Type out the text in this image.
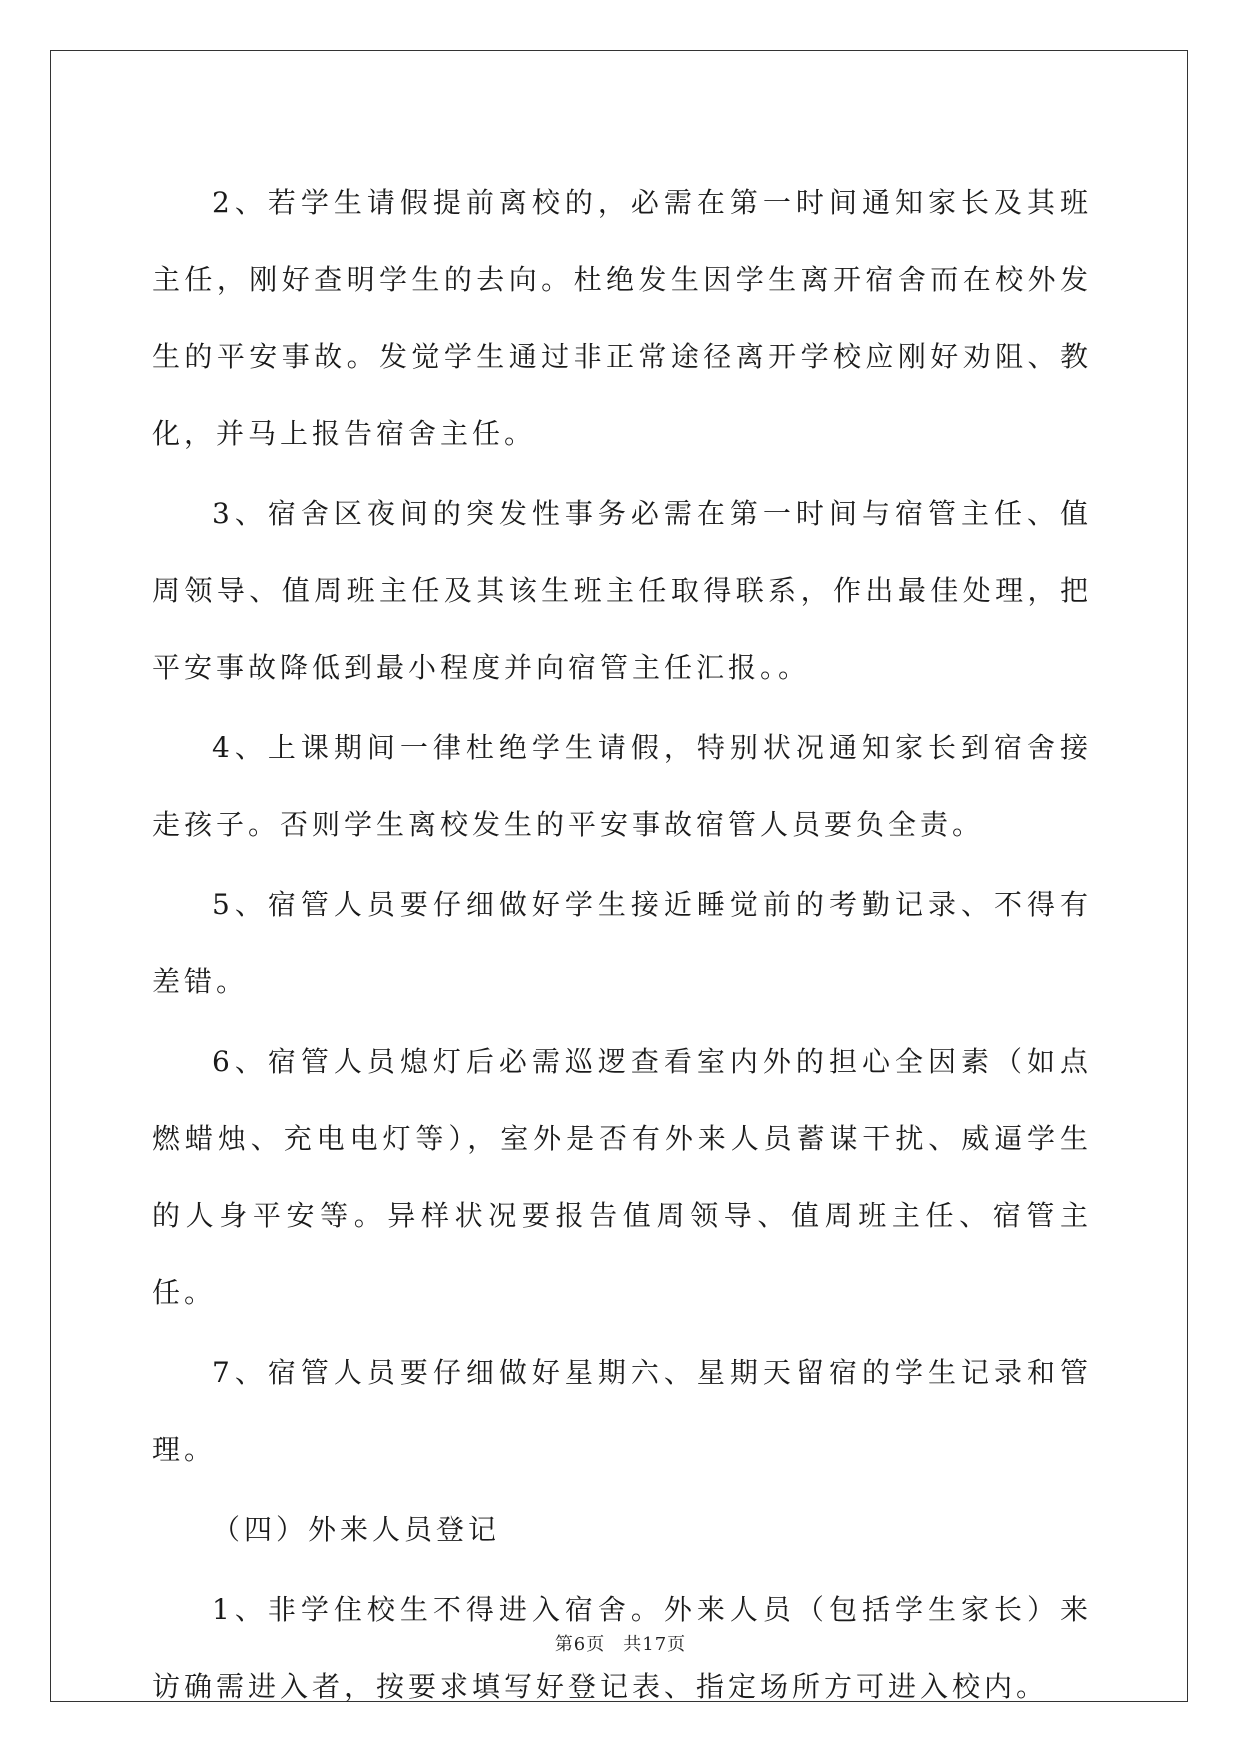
2、若学生请假提前离校的，必需在第一时间通知家长及其班主任，刚好查明学生的去向。杜绝发生因学生离开宿舍而在校外发生的平安事故。发觉学生通过非正常途径离开学校应刚好劝阻、教化，并马上报告宿舍主任。

3、宿舍区夜间的突发性事务必需在第一时间与宿管主任、值周领导、值周班主任及其该生班主任取得联系，作出最佳处理，把平安事故降低到最小程度并向宿管主任汇报。。

4、上课期间一律杜绝学生请假，特别状况通知家长到宿舍接走孩子。否则学生离校发生的平安事故宿管人员要负全责。

5、宿管人员要仔细做好学生接近睡觉前的考勤记录、不得有差错。

6、宿管人员熄灯后必需巡逻查看室内外的担心全因素（如点燃蜡烛、充电电灯等），室外是否有外来人员蓄谋干扰、威逼学生的人身平安等。异样状况要报告值周领导、值周班主任、宿管主任。

7、宿管人员要仔细做好星期六、星期天留宿的学生记录和管理。

（四）外来人员登记

1、非学住校生不得进入宿舍。外来人员（包括学生家长）来访确需进入者，按要求填写好登记表、指定场所方可进入校内。

第6页 共17页
